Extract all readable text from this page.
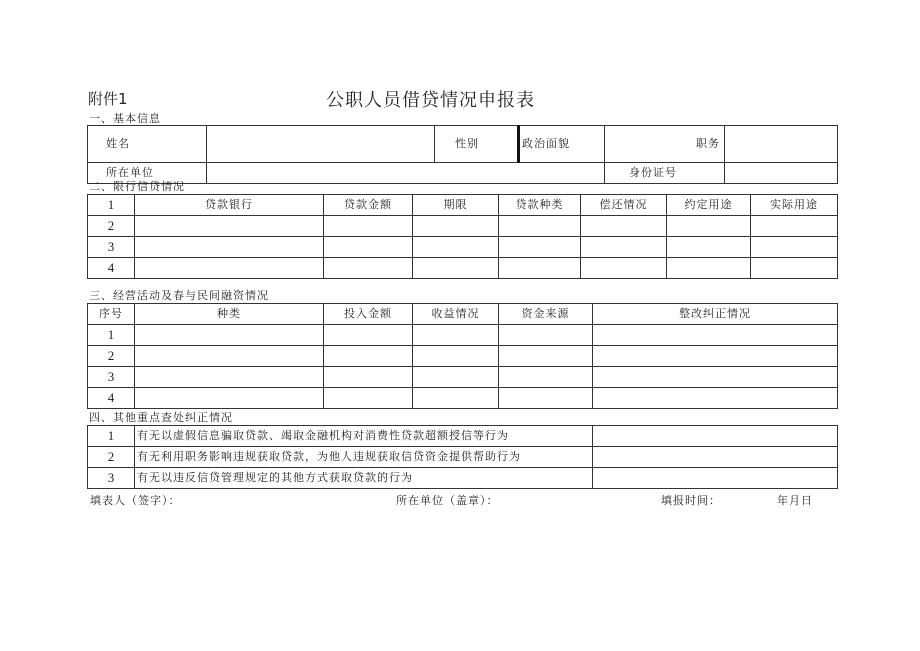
附件1	公职人员借贷情况申报表
一、基本信息
姓名		性别	政治面貌	职务	
所在单位				身份证号	
二、限行信贷情况
1	贷款银行	贷款金额	期限	贷款种类	偿还情况	约定用途	实际用途
2							
3							
4							
三、经营活动及春与民间融资情况
序号	种类	投入金额	收益情况	资金来源	整改纠正情况
1					
2					
3					
4					
四、其他重点查处纠正情况
1	有无以虚假信息骗取贷款、竭取金融机构对消费性贷款超额授信等行为	
2	有无利用职务影响违规获取贷款，为他人违规获取信贷资金提供帮助行为	
3	有无以违反信贷管理规定的其他方式获取贷款的行为	
填表人（签字）：	所在单位（盖章）：	填报时间：	年月日
